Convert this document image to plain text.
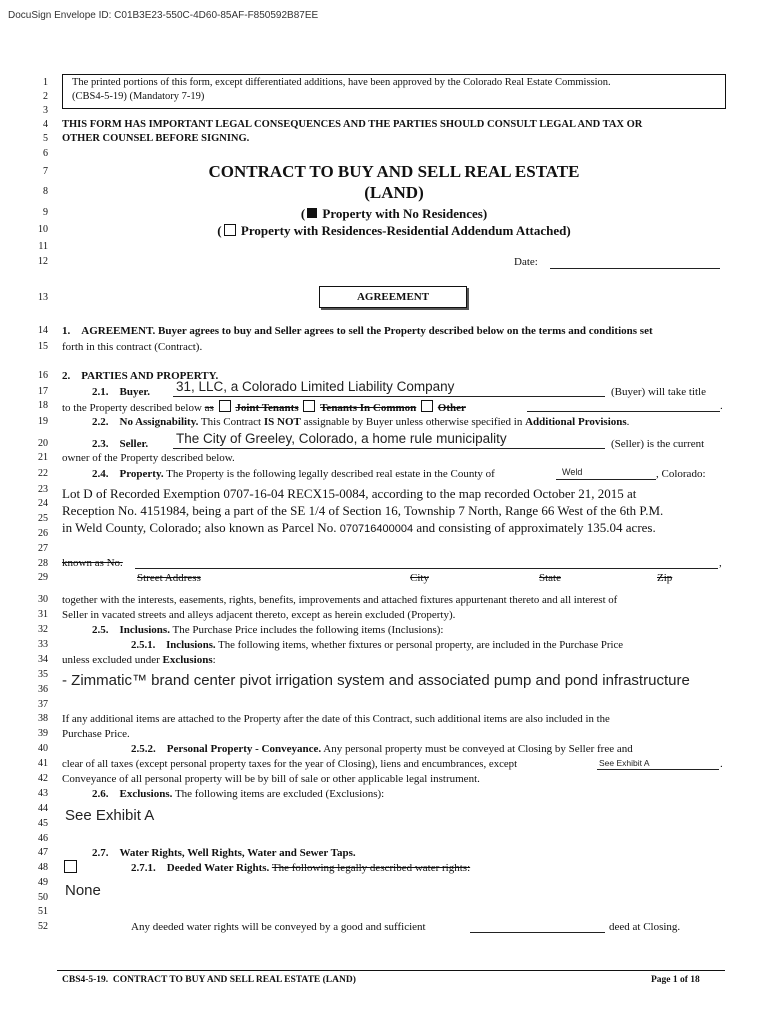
DocuSign Envelope ID: C01B3E23-550C-4D60-85AF-F850592B87EE
1
2
3
4
5
6
7
8
9
10
11
12
13
14
15
16
17
18
19
20
21
22
23
24
25
26
27
28
29
30
31
32
33
34
35
36
37
38
39
40
41
42
43
44
45
46
47
48
49
50
51
52
The printed portions of this form, except differentiated additions, have been approved by the Colorado Real Estate Commission.
(CBS4-5-19) (Mandatory 7-19)
THIS FORM HAS IMPORTANT LEGAL CONSEQUENCES AND THE PARTIES SHOULD CONSULT LEGAL AND TAX OR
OTHER COUNSEL BEFORE SIGNING.
CONTRACT TO BUY AND SELL REAL ESTATE
(LAND)
( Property with No Residences)
( Property with Residences-Residential Addendum Attached)
Date:
AGREEMENT
1.    AGREEMENT. Buyer agrees to buy and Seller agrees to sell the Property described below on the terms and conditions set
forth in this contract (Contract).
2.    PARTIES AND PROPERTY.
2.1.    Buyer. 31, LLC, a Colorado Limited Liability Company	(Buyer) will take title
to the Property described below as Joint Tenants Tenants In Common Other	.
2.2.    No Assignability. This Contract IS NOT assignable by Buyer unless otherwise specified in Additional Provisions.
2.3.    Seller. The City of Greeley, Colorado, a home rule municipality	(Seller) is the current
owner of the Property described below.
2.4.    Property. The Property is the following legally described real estate in the County of	Weld	, Colorado:
Lot D of Recorded Exemption 0707-16-04 RECX15-0084, according to the map recorded October 21, 2015 at
Reception No. 4151984, being a part of the SE 1/4 of Section 16, Township 7 North, Range 66 West of the 6th P.M.
in Weld County, Colorado; also known as Parcel No. 070716400004 and consisting of approximately 135.04 acres.
known as No.	,
Street Address	City	State	Zip
together with the interests, easements, rights, benefits, improvements and attached fixtures appurtenant thereto and all interest of
Seller in vacated streets and alleys adjacent thereto, except as herein excluded (Property).
2.5.    Inclusions. The Purchase Price includes the following items (Inclusions):
2.5.1.    Inclusions. The following items, whether fixtures or personal property, are included in the Purchase Price
unless excluded under Exclusions:
- Zimmatic™ brand center pivot irrigation system and associated pump and pond infrastructure
If any additional items are attached to the Property after the date of this Contract, such additional items are also included in the
Purchase Price.
2.5.2.    Personal Property - Conveyance. Any personal property must be conveyed at Closing by Seller free and
clear of all taxes (except personal property taxes for the year of Closing), liens and encumbrances, except	See Exhibit A	.
Conveyance of all personal property will be by bill of sale or other applicable legal instrument.
2.6.    Exclusions. The following items are excluded (Exclusions):
See Exhibit A
2.7.    Water Rights, Well Rights, Water and Sewer Taps.
2.7.1.    Deeded Water Rights. The following legally described water rights:
None
Any deeded water rights will be conveyed by a good and sufficient	deed at Closing.
CBS4-5-19.  CONTRACT TO BUY AND SELL REAL ESTATE (LAND)	Page 1 of 18
